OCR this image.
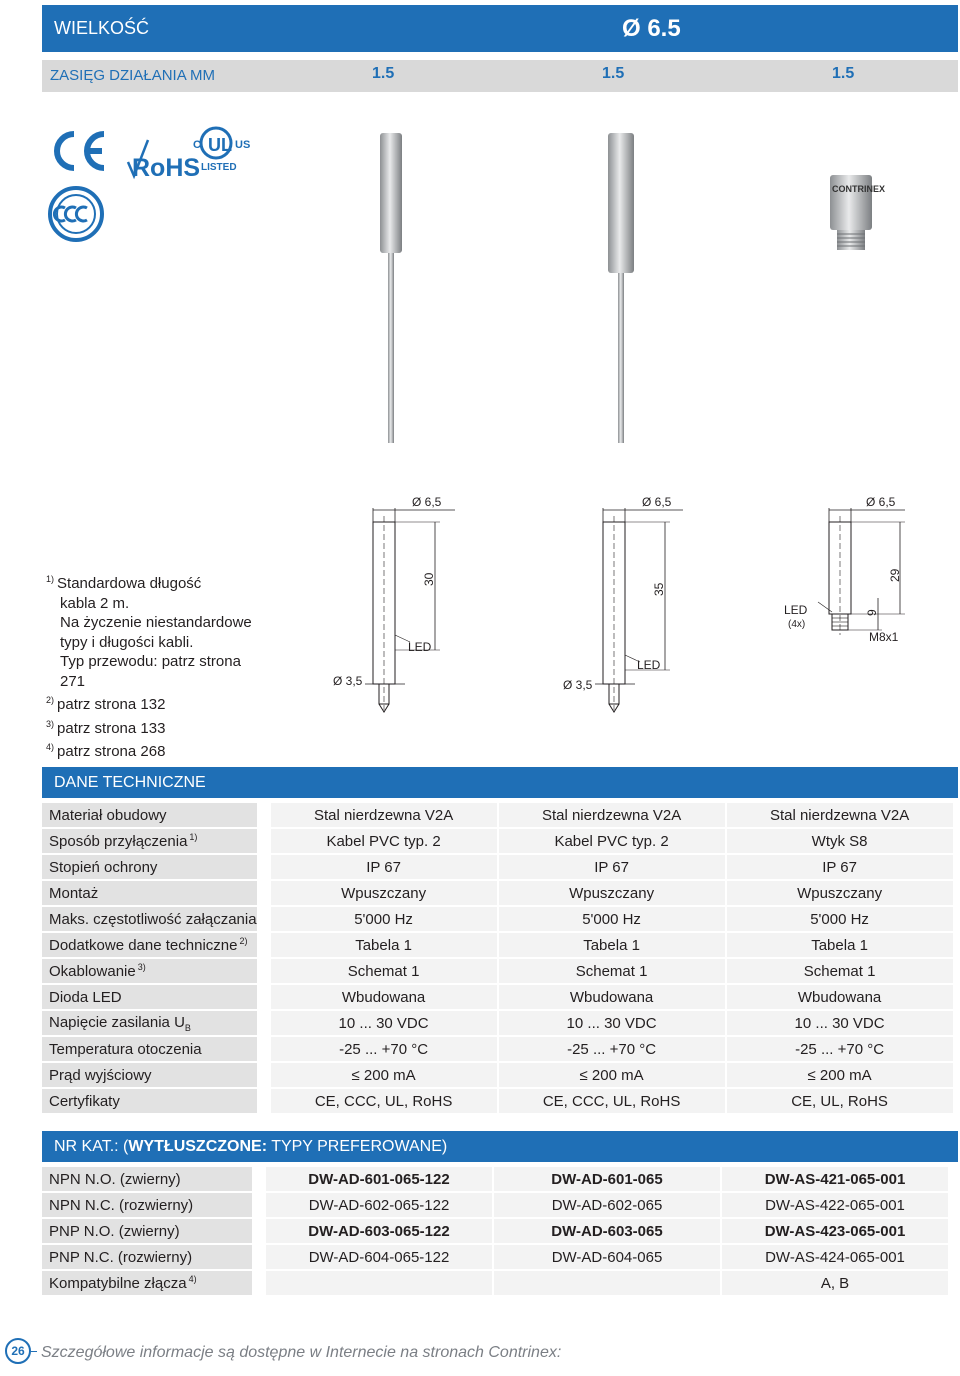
WIELKOŚĆ	Ø 6.5
ZASIĘG DZIAŁANIA MM	1.5	1.5	1.5
RoHS
UL
C	US
LISTED
CONTRINEX
$^{1)}$ Standardowa długość
kabla 2 m.
Na życzenie niestandardowe
typy i długości kabli.
Typ przewodu: patrz strona
271
$^{2)}$ patrz strona 132
$^{3)}$ patrz strona 133
$^{4)}$ patrz strona 268
Ø 6,5
30
LED
Ø 3,5
Ø 6,5
35
LED
Ø 3,5
Ø 6,5
29
LED
(4x)
9
M8x1
DANE TECHNICZNE
Materiał obudowy	Stal nierdzewna V2A	Stal nierdzewna V2A	Stal nierdzewna V2A
Sposób przyłączenia $^{1)}$	Kabel PVC typ. 2	Kabel PVC typ. 2	Wtyk S8
Stopień ochrony	IP 67	IP 67	IP 67
Montaż	Wpuszczany	Wpuszczany	Wpuszczany
Maks. częstotliwość załączania	5'000 Hz	5'000 Hz	5'000 Hz
Dodatkowe dane techniczne $^{2)}$	Tabela 1	Tabela 1	Tabela 1
Okablowanie $^{3)}$	Schemat 1	Schemat 1	Schemat 1
Dioda LED	Wbudowana	Wbudowana	Wbudowana
Napięcie zasilania $U_B$	10 ... 30 VDC	10 ... 30 VDC	10 ... 30 VDC
Temperatura otoczenia	-25 ... +70 °C	-25 ... +70 °C	-25 ... +70 °C
Prąd wyjściowy	≤ 200 mA	≤ 200 mA	≤ 200 mA
Certyfikaty	CE, CCC, UL, RoHS	CE, CCC, UL, RoHS	CE, UL, RoHS
NR KAT.: (WYTŁUSZCZONE: TYPY PREFEROWANE)
NPN N.O. (zwierny)	DW-AD-601-065-122	DW-AD-601-065	DW-AS-421-065-001
NPN N.C. (rozwierny)	DW-AD-602-065-122	DW-AD-602-065	DW-AS-422-065-001
PNP N.O. (zwierny)	DW-AD-603-065-122	DW-AD-603-065	DW-AS-423-065-001
PNP N.C. (rozwierny)	DW-AD-604-065-122	DW-AD-604-065	DW-AS-424-065-001
Kompatybilne złącza $^{4)}$			A, B
26	Szczegółowe informacje są dostępne w Internecie na stronach Contrinex:
